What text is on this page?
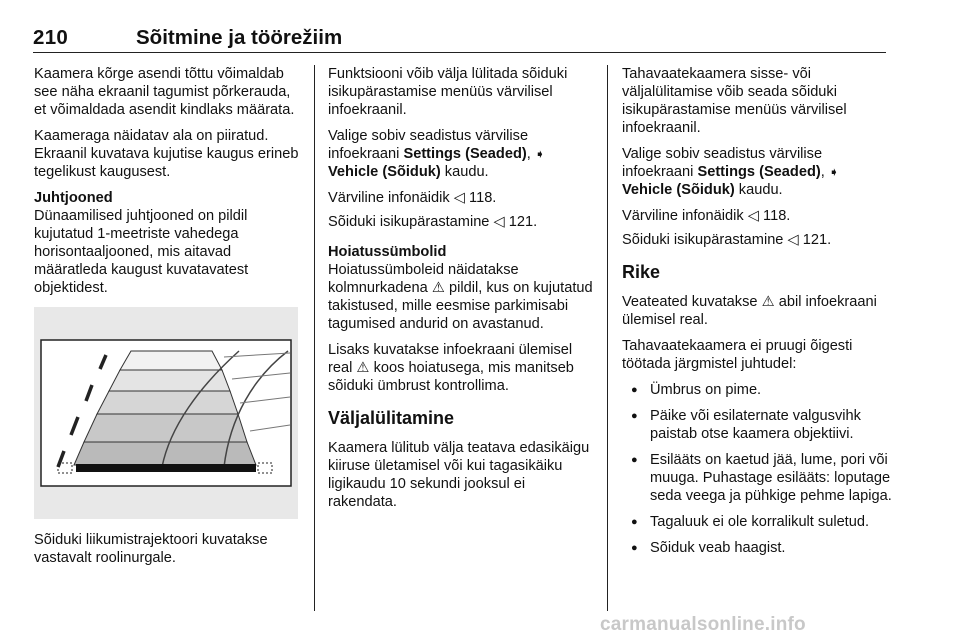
210	Sõitmine ja töörežiim

Kaamera kõrge asendi tõttu võimaldab see näha ekraanil tagumist põrkerauda, et võimaldada asendit kindlaks määrata.

Kaameraga näidatav ala on piiratud. Ekraanil kuvatava kujutise kaugus erineb tegelikust kaugusest.

Juhtjooned

Dünaamilised juhtjooned on pildil kujutatud 1-meetriste vahedega horisontaaljooned, mis aitavad määratleda kaugust kuvatavatest objektidest.

Sõiduki liikumistrajektoori kuvatakse vastavalt roolinurgale.

Funktsiooni võib välja lülitada sõiduki isikupärastamise menüüs värvilisel infoekraanil.

Valige sobiv seadistus värvilise infoekraani Settings (Seaded), ➧ Vehicle (Sõiduk) kaudu.

Värviline infonäidik ◁ 118.

Sõiduki isikupärastamine ◁ 121.

Hoiatussümbolid

Hoiatussümboleid näidatakse kolmnurkadena ⚠ pildil, kus on kujutatud takistused, mille eesmise parkimisabi tagumised andurid on avastanud.

Lisaks kuvatakse infoekraani ülemisel real ⚠ koos hoiatusega, mis manitseb sõiduki ümbrust kontrollima.

Väljalülitamine

Kaamera lülitub välja teatava edasikäigu kiiruse ületamisel või kui tagasikäiku ligikaudu 10 sekundi jooksul ei rakendata.

Tahavaatekaamera sisse- või väljalülitamise võib seada sõiduki isikupärastamise menüüs värvilisel infoekraanil.

Valige sobiv seadistus värvilise infoekraani Settings (Seaded), ➧ Vehicle (Sõiduk) kaudu.

Värviline infonäidik ◁ 118.

Sõiduki isikupärastamine ◁ 121.

Rike

Veateated kuvatakse ⚠ abil infoekraani ülemisel real.

Tahavaatekaamera ei pruugi õigesti töötada järgmistel juhtudel:

● Ümbrus on pime.
● Päike või esilaternate valgusvihk paistab otse kaamera objektiivi.
● Esilääts on kaetud jää, lume, pori või muuga. Puhastage esilääts: loputage seda veega ja pühkige pehme lapiga.
● Tagaluuk ei ole korralikult suletud.
● Sõiduk veab haagist.
carmanualsonline.info
